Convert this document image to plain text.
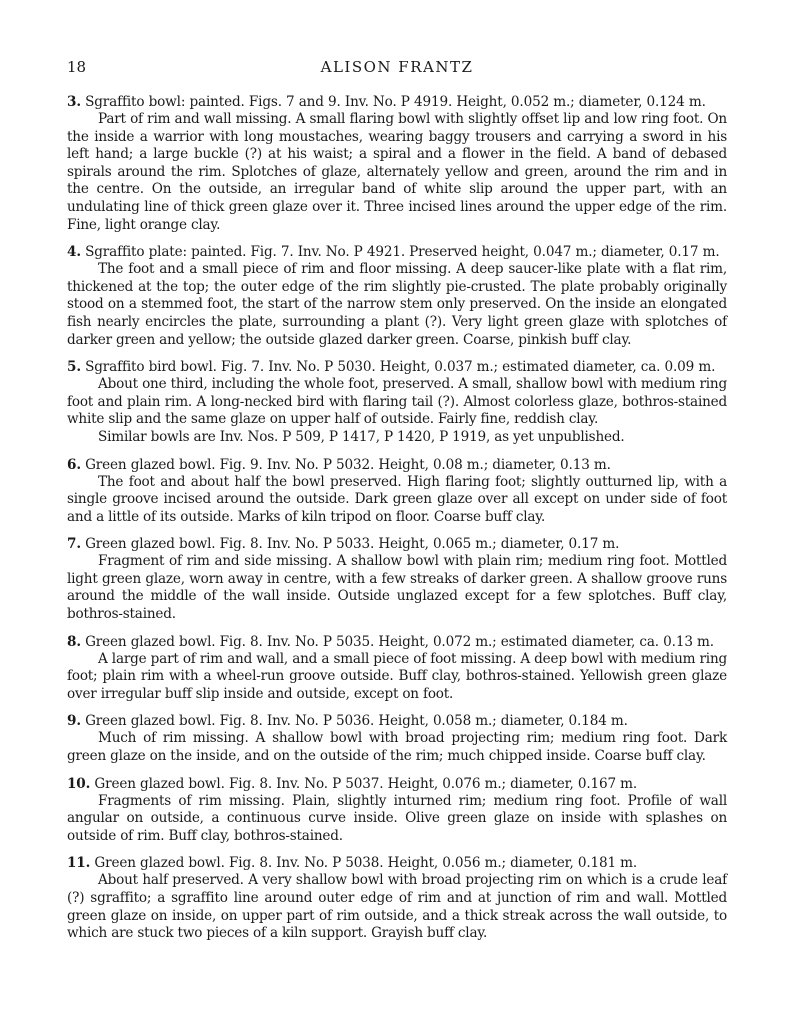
18	ALISON FRANTZ
3. Sgraffito bowl: painted. Figs. 7 and 9. Inv. No. P 4919. Height, 0.052 m.; diameter, 0.124 m.

Part of rim and wall missing. A small flaring bowl with slightly offset lip and low ring foot. On the inside a warrior with long moustaches, wearing baggy trousers and carrying a sword in his left hand; a large buckle (?) at his waist; a spiral and a flower in the field. A band of debased spirals around the rim. Splotches of glaze, alternately yellow and green, around the rim and in the centre. On the outside, an irregular band of white slip around the upper part, with an undulating line of thick green glaze over it. Three incised lines around the upper edge of the rim. Fine, light orange clay.

4. Sgraffito plate: painted. Fig. 7. Inv. No. P 4921. Preserved height, 0.047 m.; diameter, 0.17 m.

The foot and a small piece of rim and floor missing. A deep saucer-like plate with a flat rim, thickened at the top; the outer edge of the rim slightly pie-crusted. The plate probably originally stood on a stemmed foot, the start of the narrow stem only preserved. On the inside an elongated fish nearly encircles the plate, surrounding a plant (?). Very light green glaze with splotches of darker green and yellow; the outside glazed darker green. Coarse, pinkish buff clay.

5. Sgraffito bird bowl. Fig. 7. Inv. No. P 5030. Height, 0.037 m.; estimated diameter, ca. 0.09 m.

About one third, including the whole foot, preserved. A small, shallow bowl with medium ring foot and plain rim. A long-necked bird with flaring tail (?). Almost colorless glaze, bothros-stained white slip and the same glaze on upper half of outside. Fairly fine, reddish clay.

Similar bowls are Inv. Nos. P 509, P 1417, P 1420, P 1919, as yet unpublished.

6. Green glazed bowl. Fig. 9. Inv. No. P 5032. Height, 0.08 m.; diameter, 0.13 m.

The foot and about half the bowl preserved. High flaring foot; slightly outturned lip, with a single groove incised around the outside. Dark green glaze over all except on under side of foot and a little of its outside. Marks of kiln tripod on floor. Coarse buff clay.

7. Green glazed bowl. Fig. 8. Inv. No. P 5033. Height, 0.065 m.; diameter, 0.17 m.

Fragment of rim and side missing. A shallow bowl with plain rim; medium ring foot. Mottled light green glaze, worn away in centre, with a few streaks of darker green. A shallow groove runs around the middle of the wall inside. Outside unglazed except for a few splotches. Buff clay, bothros-stained.

8. Green glazed bowl. Fig. 8. Inv. No. P 5035. Height, 0.072 m.; estimated diameter, ca. 0.13 m.

A large part of rim and wall, and a small piece of foot missing. A deep bowl with medium ring foot; plain rim with a wheel-run groove outside. Buff clay, bothros-stained. Yellowish green glaze over irregular buff slip inside and outside, except on foot.

9. Green glazed bowl. Fig. 8. Inv. No. P 5036. Height, 0.058 m.; diameter, 0.184 m.

Much of rim missing. A shallow bowl with broad projecting rim; medium ring foot. Dark green glaze on the inside, and on the outside of the rim; much chipped inside. Coarse buff clay.

10. Green glazed bowl. Fig. 8. Inv. No. P 5037. Height, 0.076 m.; diameter, 0.167 m.

Fragments of rim missing. Plain, slightly inturned rim; medium ring foot. Profile of wall angular on outside, a continuous curve inside. Olive green glaze on inside with splashes on outside of rim. Buff clay, bothros-stained.

11. Green glazed bowl. Fig. 8. Inv. No. P 5038. Height, 0.056 m.; diameter, 0.181 m.

About half preserved. A very shallow bowl with broad projecting rim on which is a crude leaf (?) sgraffito; a sgraffito line around outer edge of rim and at junction of rim and wall. Mottled green glaze on inside, on upper part of rim outside, and a thick streak across the wall outside, to which are stuck two pieces of a kiln support. Grayish buff clay.
